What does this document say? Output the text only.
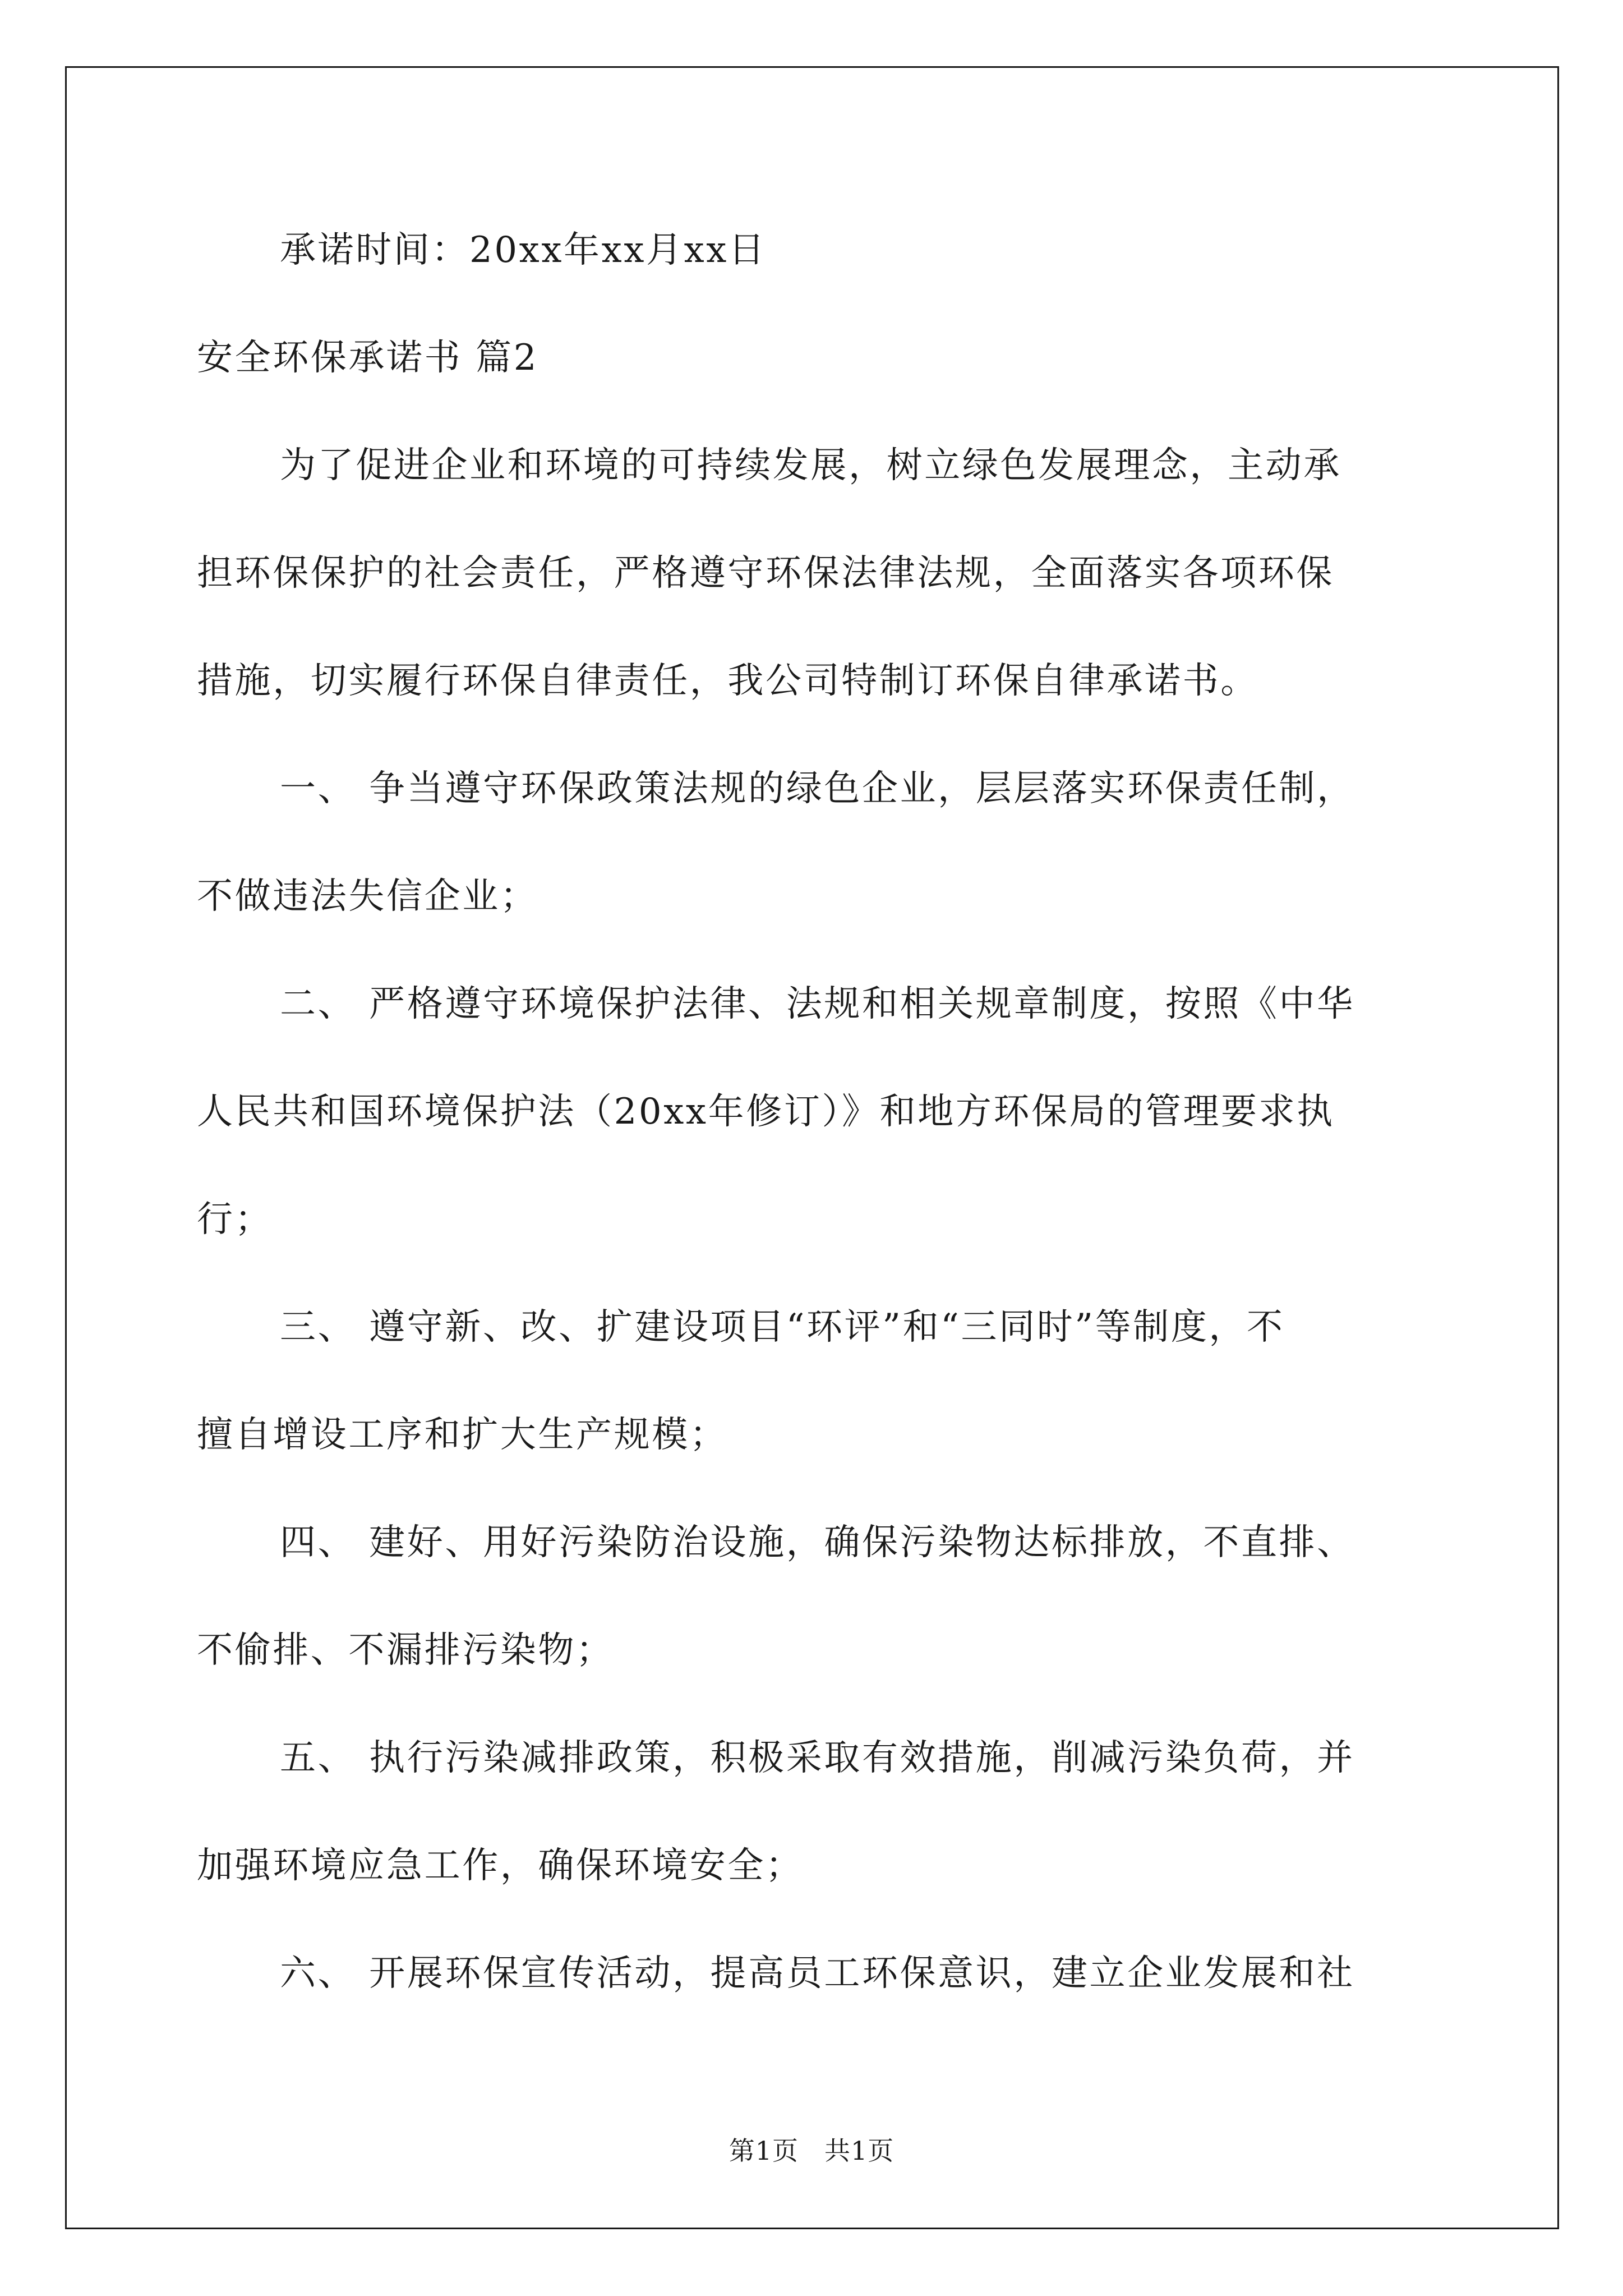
承诺时间：20xx年xx月xx日

安全环保承诺书 篇2

为了促进企业和环境的可持续发展，树立绿色发展理念，主动承

担环保保护的社会责任，严格遵守环保法律法规，全面落实各项环保

措施，切实履行环保自律责任，我公司特制订环保自律承诺书。

一、 争当遵守环保政策法规的绿色企业，层层落实环保责任制，

不做违法失信企业；

二、 严格遵守环境保护法律、法规和相关规章制度，按照《中华

人民共和国环境保护法（20xx年修订）》和地方环保局的管理要求执

行；

三、 遵守新、改、扩建设项目“环评”和“三同时”等制度，不

擅自增设工序和扩大生产规模；

四、 建好、用好污染防治设施，确保污染物达标排放，不直排、

不偷排、不漏排污染物；

五、 执行污染减排政策，积极采取有效措施，削减污染负荷，并

加强环境应急工作，确保环境安全；

六、 开展环保宣传活动，提高员工环保意识，建立企业发展和社

第1页 共1页
